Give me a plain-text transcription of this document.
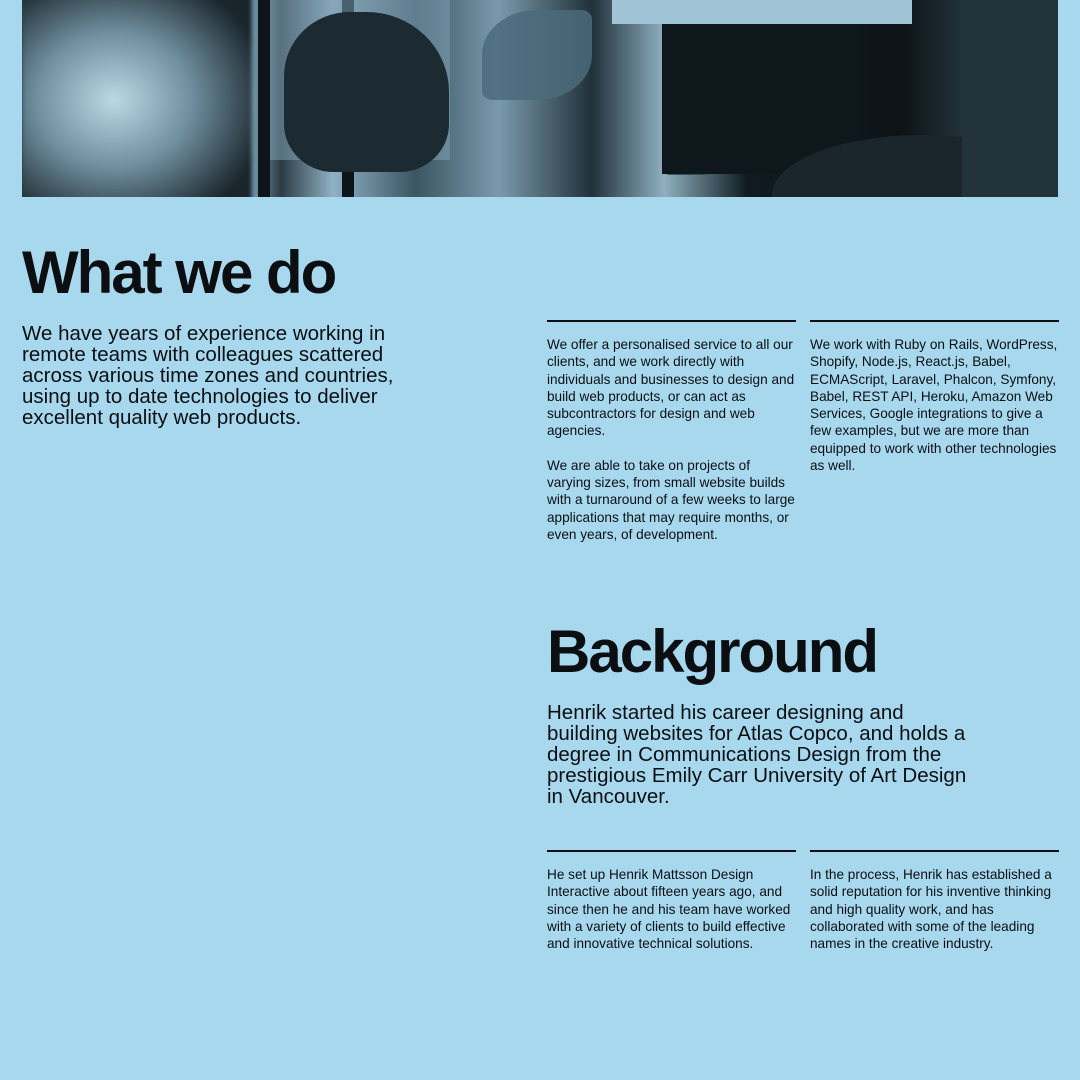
What we do

We have years of experience working in remote teams with colleagues scattered across various time zones and countries, using up to date technologies to deliver excellent quality web products.

We offer a personalised service to all our clients, and we work directly with individuals and businesses to design and build web products, or can act as subcontractors for design and web agencies.

We are able to take on projects of varying sizes, from small website builds with a turnaround of a few weeks to large applications that may require months, or even years, of development.

We work with Ruby on Rails, WordPress, Shopify, Node.js, React.js, Babel, ECMAScript, Laravel, Phalcon, Symfony, Babel, REST API, Heroku, Amazon Web Services, Google integrations to give a few examples, but we are more than equipped to work with other technologies as well.

Background

Henrik started his career designing and building websites for Atlas Copco, and holds a degree in Communications Design from the prestigious Emily Carr University of Art Design in Vancouver.

He set up Henrik Mattsson Design Interactive about fifteen years ago, and since then he and his team have worked with a variety of clients to build effective and innovative technical solutions.

In the process, Henrik has established a solid reputation for his inventive thinking and high quality work, and has collaborated with some of the leading names in the creative industry.
